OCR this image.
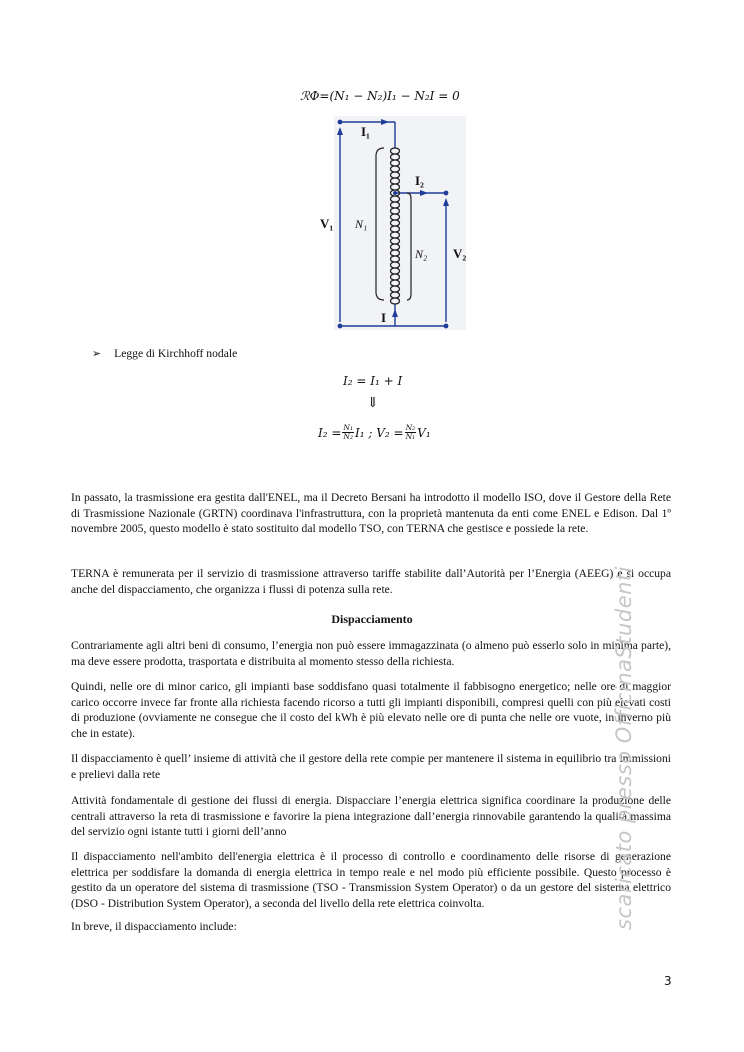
ℛΦ=(N₁ − N₂)I₁ − N₂I = 0
I₁
I₂
V₁
V₂
N₁
N₂
I
➢ Legge di Kirchhoff nodale
I₂ = I₁ + I
⇓
$I_2 = \frac{\text{N₁}}{\text{N₂}} I_1$ ; $V_2 = \frac{\text{N₂}}{\text{N₁}} V_1$
In passato, la trasmissione era gestita dall'ENEL, ma il Decreto Bersani ha introdotto il modello ISO, dove il Gestore della Rete di Trasmissione Nazionale (GRTN) coordinava l'infrastruttura, con la proprietà mantenuta da enti come ENEL e Edison. Dal 1º novembre 2005, questo modello è stato sostituito dal modello TSO, con TERNA che gestisce e possiede la rete.
TERNA è remunerata per il servizio di trasmissione attraverso tariffe stabilite dall’Autorità per l’Energia (AEEG) e si occupa anche del dispacciamento, che organizza i flussi di potenza sulla rete.
Dispacciamento
Contrariamente agli altri beni di consumo, l’energia non può essere immagazzinata (o almeno può esserlo solo in minima parte), ma deve essere prodotta, trasportata e distribuita al momento stesso della richiesta.
Quindi, nelle ore di minor carico, gli impianti base soddisfano quasi totalmente il fabbisogno energetico; nelle ore di maggior carico occorre invece far fronte alla richiesta facendo ricorso a tutti gli impianti disponibili, compresi quelli con più elevati costi di produzione (ovviamente ne consegue che il costo del kWh è più elevato nelle ore di punta che nelle ore vuote, in inverno più che in estate).
Il dispacciamento è quell’ insieme di attività che il gestore della rete compie per mantenere il sistema in equilibrio tra immissioni e prelievi dalla rete
Attività fondamentale di gestione dei flussi di energia. Dispacciare l’energia elettrica significa coordinare la produzione delle centrali attraverso la reta di trasmissione e favorire la piena integrazione dall’energia rinnovabile garantendo la qualità massima del servizio ogni istante tutti i giorni dell’anno
Il dispacciamento nell'ambito dell'energia elettrica è il processo di controllo e coordinamento delle risorse di generazione elettrica per soddisfare la domanda di energia elettrica in tempo reale e nel modo più efficiente possibile. Questo processo è gestito da un operatore del sistema di trasmissione (TSO - Transmission System Operator) o da un gestore del sistema elettrico (DSO - Distribution System Operator), a seconda del livello della rete elettrica coinvolta.
In breve, il dispacciamento include:	scaricato presso OfficinaStudenti
3
